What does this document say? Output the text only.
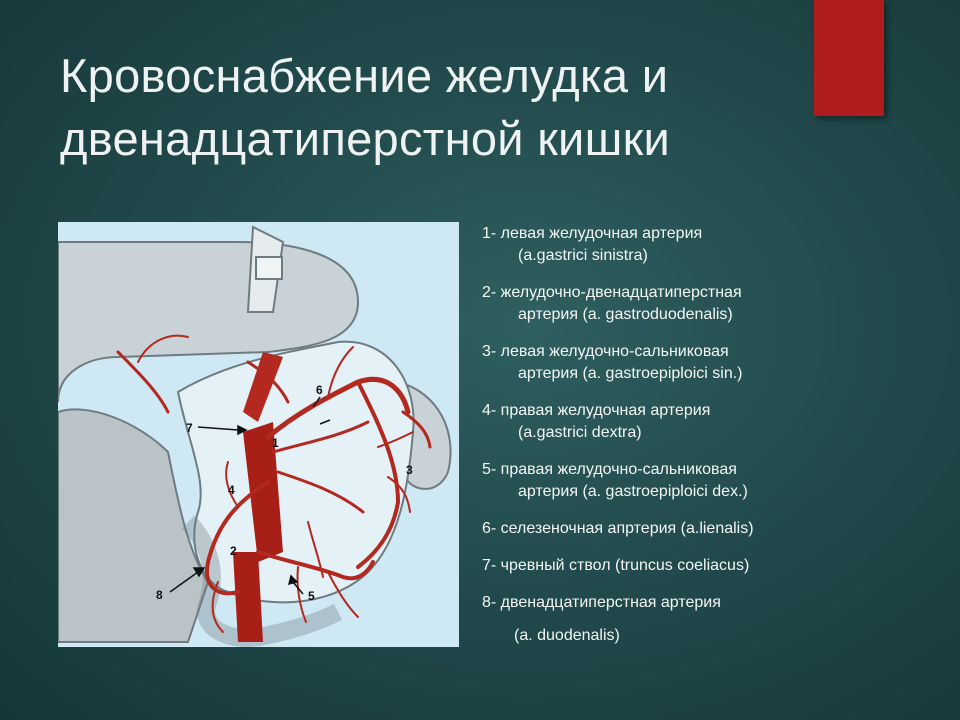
Кровоснабжение желудка и
двенадцатиперстной кишки
1
2
3
4
5
6
7
8
1- левая желудочная артерия
(a.gastrici sinistra)
2- желудочно-двенадцатиперстная
артерия (a. gastroduodenalis)
3- левая желудочно-сальниковая
артерия (a. gastroepiploici sin.)
4- правая желудочная артерия
(a.gastrici dextra)
5- правая желудочно-сальниковая
артерия (a. gastroepiploici dex.)
6- селезеночная апртерия (a.lienalis)
7- чревный ствол (truncus coeliacus)
8- двенадцатиперстная артерия
(a. duodenalis)
